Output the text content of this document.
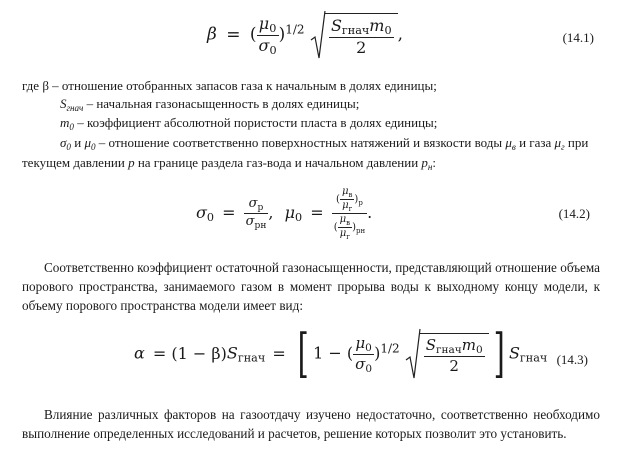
β = ( $\frac{\mu_0}{\sigma_0} )^{1/2} \frac{S_{гнач}m_0}{2}$ ,	(14.1)
где β – отношение отобранных запасов газа к начальным в долях единицы;
$S_{гнач}$ – начальная газонасыщенность в долях единицы;
$m_0$ – коэффициент абсолютной пористости пласта в долях единицы;
$\sigma_0$ и $\mu_0$ – отношение соответственно поверхностных натяжений и вязкости воды $\mu_в$ и газа $\mu_г$ при
текущем давлении p на границе раздела газ-вода и начальном давлении $p_н$:
$\sigma_0 = \frac{\sigma_р}{\sigma_{рн}}$ , $\mu_0 = \frac{( \frac{\mu_в}{\mu_г} )_р}{( \frac{\mu_в}{\mu_г} )_{рн}}$ .	(14.2)
Соответственно коэффициент остаточной газонасыщенности, представляющий отношение объема порового пространства, занимаемого газом в момент прорыва воды к выходному концу модели, к объему порового пространства модели имеет вид:
$\alpha = (1 - \beta)S_{гнач}$ = [ 1 − ( $\frac{\mu_0}{\sigma_0} )^{1/2} \frac{S_{гнач}m_0}{2}$ ] $S_{гнач}$ (14.3)
Влияние различных факторов на газоотдачу изучено недостаточно, соответственно необходимо выполнение определенных исследований и расчетов, решение которых позволит это установить.
